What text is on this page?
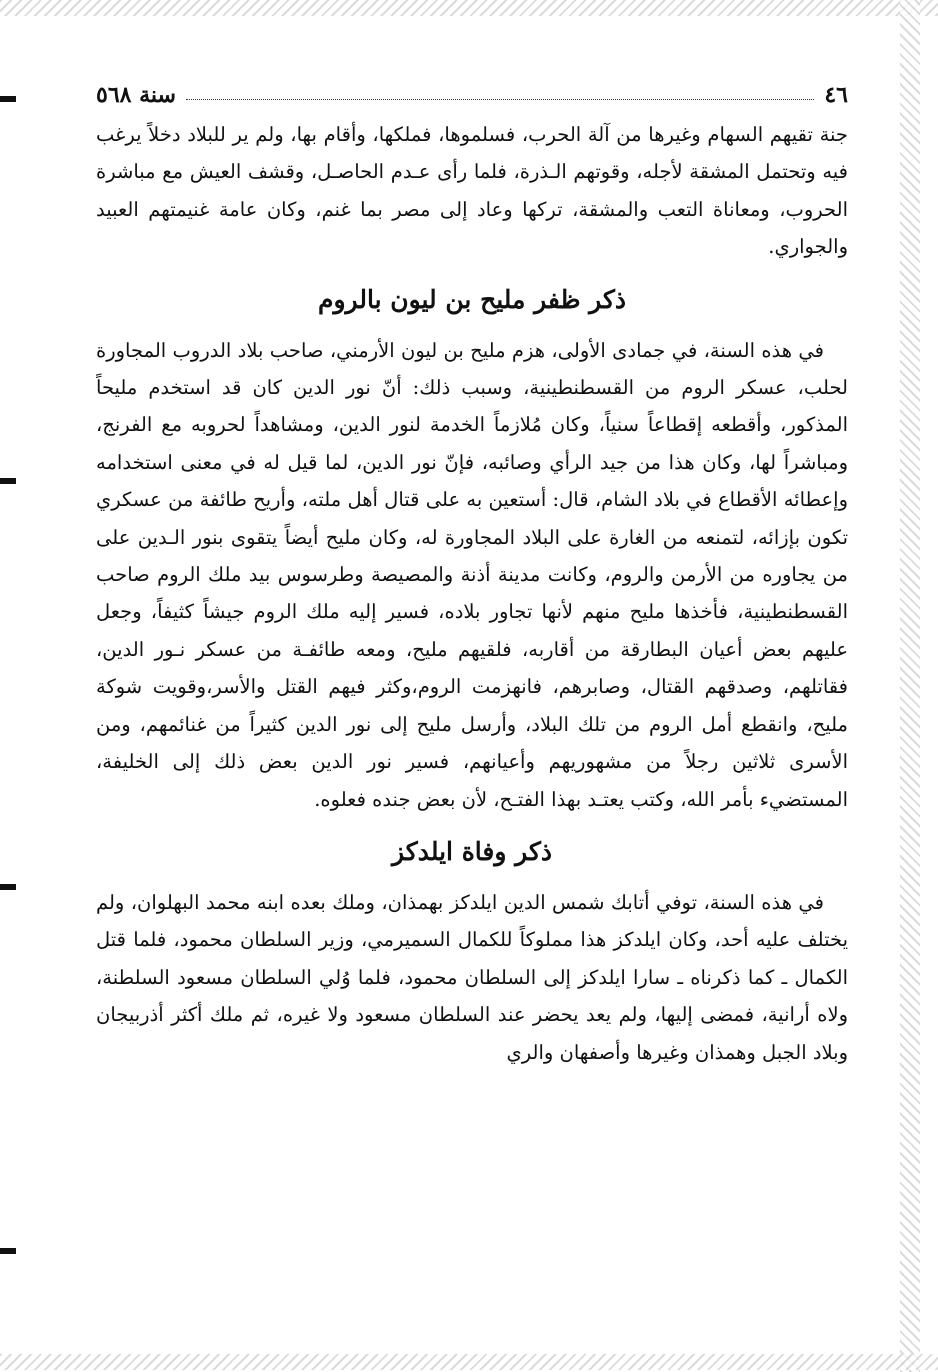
٤٦
سنة ٥٦٨

جنة تقيهم السهام وغيرها من آلة الحرب، فسلموها، فملكها، وأقام بها، ولم ير للبلاد دخلاً يرغب فيه وتحتمل المشقة لأجله، وقوتهم الـذرة، فلما رأى عـدم الحاصـل، وقشف العيش مع مباشرة الحروب، ومعاناة التعب والمشقة، تركها وعاد إلى مصر بما غنم، وكان عامة غنيمتهم العبيد والجواري.

ذكر ظفر مليح بن ليون بالروم

في هذه السنة، في جمادى الأولى، هزم مليح بن ليون الأرمني، صاحب بلاد الدروب المجاورة لحلب، عسكر الروم من القسطنطينية، وسبب ذلك: أنّ نور الدين كان قد استخدم مليحاً المذكور، وأقطعه إقطاعاً سنياً، وكان مُلازماً الخدمة لنور الدين، ومشاهداً لحروبه مع الفرنج، ومباشراً لها، وكان هذا من جيد الرأي وصائبه، فإنّ نور الدين، لما قيل له في معنى استخدامه وإعطائه الأقطاع في بلاد الشام، قال: أستعين به على قتال أهل ملته، وأريح طائفة من عسكري تكون بإزائه، لتمنعه من الغارة على البلاد المجاورة له، وكان مليح أيضاً يتقوى بنور الـدين على من يجاوره من الأرمن والروم، وكانت مدينة أذنة والمصيصة وطرسوس بيد ملك الروم صاحب القسطنطينية، فأخذها مليح منهم لأنها تجاور بلاده، فسير إليه ملك الروم جيشاً كثيفاً، وجعل عليهم بعض أعيان البطارقة من أقاربه، فلقيهم مليح، ومعه طائفـة من عسكر نـور الدين، فقاتلهم، وصدقهم القتال، وصابرهم، فانهزمت الروم،وكثر فيهم القتل والأسر،وقويت شوكة مليح، وانقطع أمل الروم من تلك البلاد، وأرسل مليح إلى نور الدين كثيراً من غنائمهم، ومن الأسرى ثلاثين رجلاً من مشهوريهم وأعيانهم، فسير نور الدين بعض ذلك إلى الخليفة، المستضيء بأمر الله، وكتب يعتـد بهذا الفتـح، لأن بعض جنده فعلوه.

ذكر وفاة ايلدكز

في هذه السنة، توفي أتابك شمس الدين ايلدكز بهمذان، وملك بعده ابنه محمد البهلوان، ولم يختلف عليه أحد، وكان ايلدكز هذا مملوكاً للكمال السميرمي، وزير السلطان محمود، فلما قتل الكمال ـ كما ذكرناه ـ سارا ايلدكز إلى السلطان محمود، فلما وُلي السلطان مسعود السلطنة، ولاه أرانية، فمضى إليها، ولم يعد يحضر عند السلطان مسعود ولا غيره، ثم ملك أكثر أذربيجان وبلاد الجبل وهمذان وغيرها وأصفهان والري
